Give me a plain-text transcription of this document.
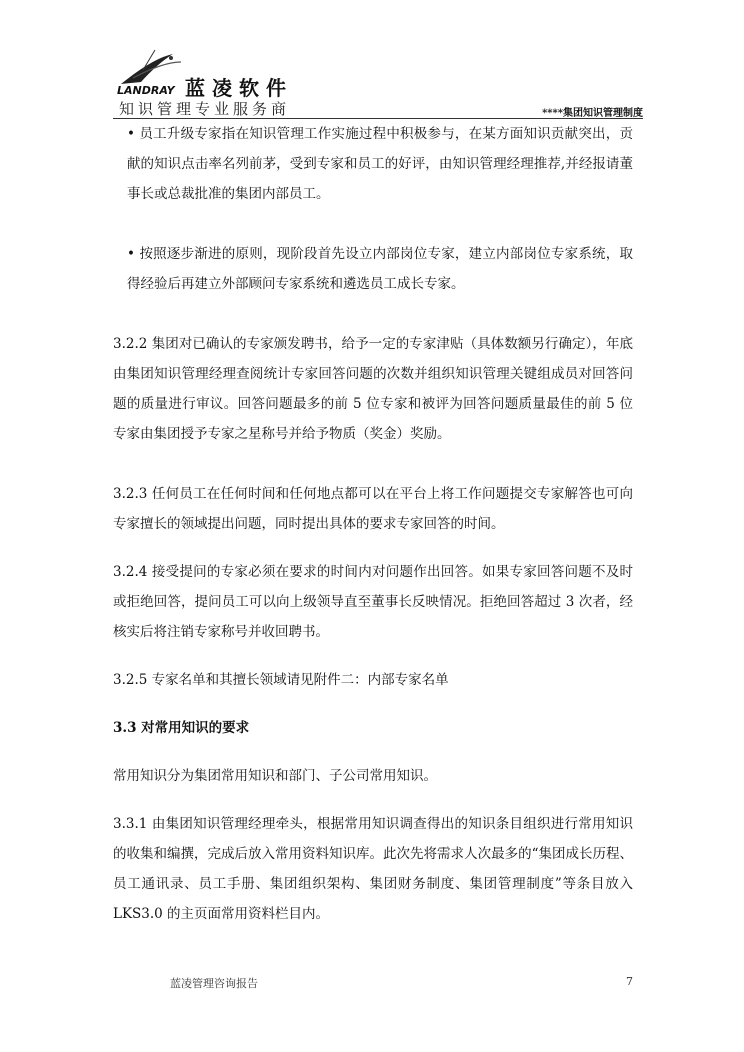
LANDRAY 蓝凌软件
知识管理专业服务商	****集团知识管理制度

• 员工升级专家指在知识管理工作实施过程中积极参与，在某方面知识贡献突出，贡献的知识点击率名列前茅，受到专家和员工的好评，由知识管理经理推荐,并经报请董事长或总裁批准的集团内部员工。

• 按照逐步渐进的原则，现阶段首先设立内部岗位专家，建立内部岗位专家系统，取得经验后再建立外部顾问专家系统和遴选员工成长专家。

3.2.2 集团对已确认的专家颁发聘书，给予一定的专家津贴（具体数额另行确定），年底由集团知识管理经理查阅统计专家回答问题的次数并组织知识管理关键组成员对回答问题的质量进行审议。回答问题最多的前 5 位专家和被评为回答问题质量最佳的前 5 位专家由集团授予专家之星称号并给予物质（奖金）奖励。

3.2.3 任何员工在任何时间和任何地点都可以在平台上将工作问题提交专家解答也可向专家擅长的领域提出问题，同时提出具体的要求专家回答的时间。

3.2.4 接受提问的专家必须在要求的时间内对问题作出回答。如果专家回答问题不及时或拒绝回答，提问员工可以向上级领导直至董事长反映情况。拒绝回答超过 3 次者，经核实后将注销专家称号并收回聘书。

3.2.5 专家名单和其擅长领域请见附件二：内部专家名单

3.3 对常用知识的要求

常用知识分为集团常用知识和部门、子公司常用知识。

3.3.1 由集团知识管理经理牵头，根据常用知识调查得出的知识条目组织进行常用知识的收集和编撰，完成后放入常用资料知识库。此次先将需求人次最多的“集团成长历程、员工通讯录、员工手册、集团组织架构、集团财务制度、集团管理制度”等条目放入 LKS3.0 的主页面常用资料栏目内。

蓝凌管理咨询报告	7
